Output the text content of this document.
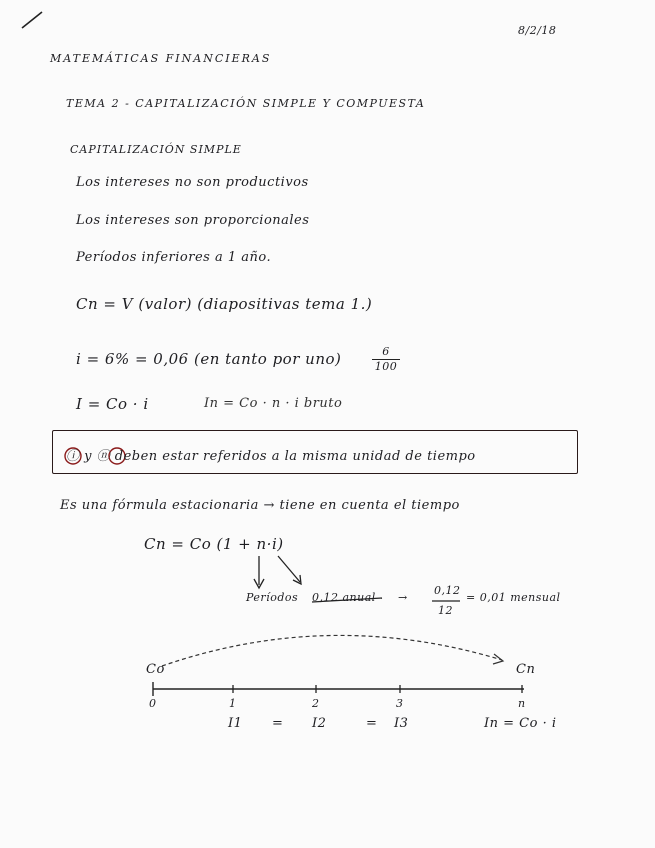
8/2/18
MATEMÁTICAS FINANCIERAS
TEMA 2 - CAPITALIZACIÓN SIMPLE Y COMPUESTA
CAPITALIZACIÓN SIMPLE
Los intereses no son productivos
Los intereses son proporcionales
Períodos inferiores a 1 año.
Cn = V (valor) (diapositivas tema 1.)
i = 6% = 0,06 (en tanto por uno)	6
100
I = Co · i	In = Co · n · i bruto
ⓘ y ⓝ deben estar referidos a la misma unidad de tiempo
Es una fórmula estacionaria → tiene en cuenta el tiempo
Cn = Co (1 + n·i)
Períodos 0,12 anual →
0,12
12
= 0,01 mensual
Co	Cn
0	1	2	3	n
I1 = I2	= I3	In = Co · i
